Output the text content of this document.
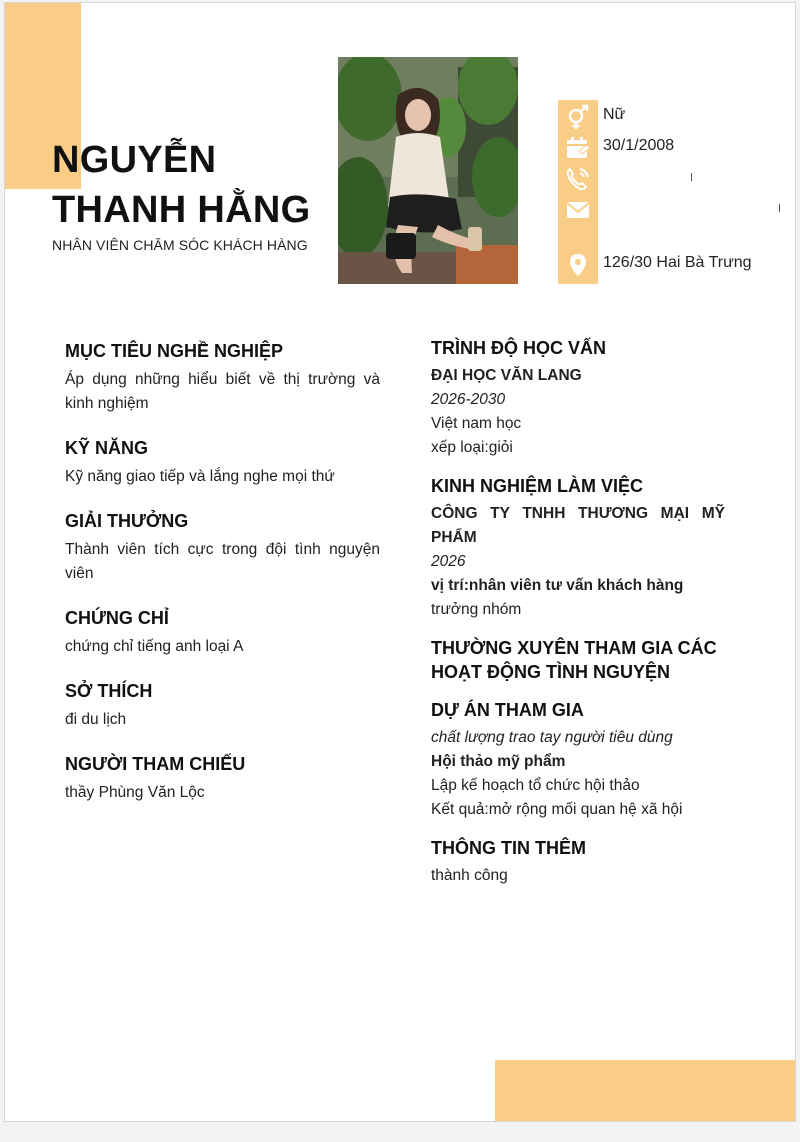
NGUYỄN
THANH HẰNG
NHÂN VIÊN CHĂM SÓC KHÁCH HÀNG
Nữ
30/1/2008
126/30 Hai Bà Trưng
MỤC TIÊU NGHỀ NGHIỆP

Áp dụng những hiểu biết về thị trường và kinh nghiệm

KỸ NĂNG

Kỹ năng giao tiếp và lắng nghe mọi thứ

GIẢI THƯỞNG

Thành viên tích cực trong đội tình nguyện viên

CHỨNG CHỈ

chứng chỉ tiếng anh loại A

SỞ THÍCH

đi du lịch

NGƯỜI THAM CHIẾU

thầy Phùng Văn Lộc

TRÌNH ĐỘ HỌC VẤN

ĐẠI HỌC VĂN LANG

2026-2030

Việt nam học

xếp loại:giỏi

KINH NGHIỆM LÀM VIỆC

CÔNG TY TNHH THƯƠNG MẠI MỸ PHẨM

2026

vị trí:nhân viên tư vấn khách hàng

trưởng nhóm

THƯỜNG XUYÊN THAM GIA CÁC HOẠT ĐỘNG TÌNH NGUYỆN
DỰ ÁN THAM GIA

chất lượng trao tay người tiêu dùng

Hội thảo mỹ phẩm

Lập kế hoạch tổ chức hội thảo

Kết quả:mở rộng mối quan hệ xã hội

THÔNG TIN THÊM

thành công
